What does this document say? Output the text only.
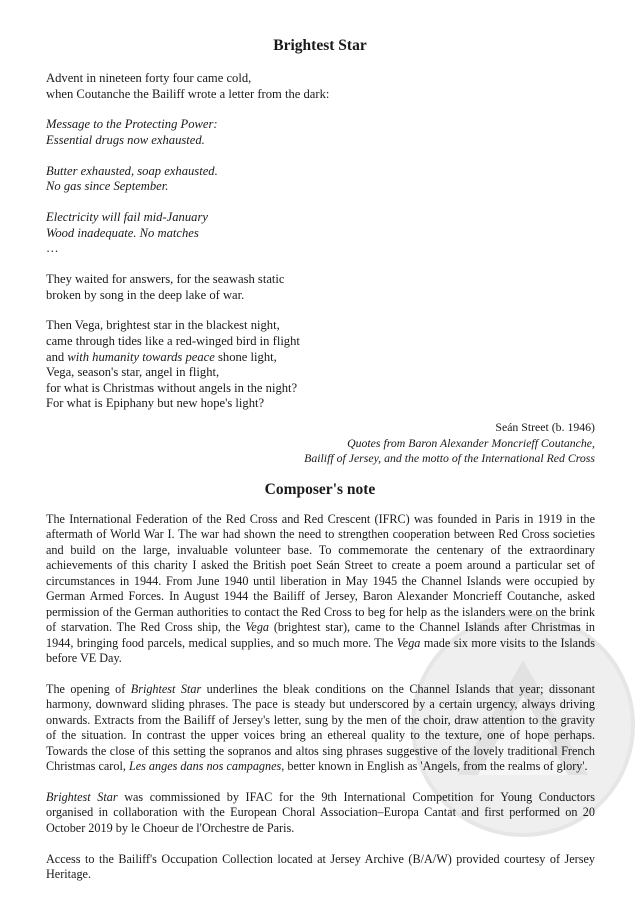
Brightest Star
Advent in nineteen forty four came cold,
when Coutanche the Bailiff wrote a letter from the dark:
Message to the Protecting Power:
Essential drugs now exhausted.
Butter exhausted, soap exhausted.
No gas since September.
Electricity will fail mid-January
Wood inadequate. No matches
…
They waited for answers, for the seawash static
broken by song in the deep lake of war.
Then Vega, brightest star in the blackest night,
came through tides like a red-winged bird in flight
and with humanity towards peace shone light,
Vega, season's star, angel in flight,
for what is Christmas without angels in the night?
For what is Epiphany but new hope's light?
Seán Street (b. 1946)
Quotes from Baron Alexander Moncrieff Coutanche,
Bailiff of Jersey, and the motto of the International Red Cross
Composer's note

The International Federation of the Red Cross and Red Crescent (IFRC) was founded in Paris in 1919 in the aftermath of World War I. The war had shown the need to strengthen cooperation between Red Cross societies and build on the large, invaluable volunteer base. To commemorate the centenary of the extraordinary achievements of this charity I asked the British poet Seán Street to create a poem around a particular set of circumstances in 1944. From June 1940 until liberation in May 1945 the Channel Islands were occupied by German Armed Forces. In August 1944 the Bailiff of Jersey, Baron Alexander Moncrieff Coutanche, asked permission of the German authorities to contact the Red Cross to beg for help as the islanders were on the brink of starvation. The Red Cross ship, the Vega (brightest star), came to the Channel Islands after Christmas in 1944, bringing food parcels, medical supplies, and so much more. The Vega made six more visits to the Islands before VE Day.

The opening of Brightest Star underlines the bleak conditions on the Channel Islands that year; dissonant harmony, downward sliding phrases. The pace is steady but underscored by a certain urgency, always driving onwards. Extracts from the Bailiff of Jersey's letter, sung by the men of the choir, draw attention to the gravity of the situation. In contrast the upper voices bring an ethereal quality to the texture, one of hope perhaps. Towards the close of this setting the sopranos and altos sing phrases suggestive of the lovely traditional French Christmas carol, Les anges dans nos campagnes, better known in English as 'Angels, from the realms of glory'.

Brightest Star was commissioned by IFAC for the 9th International Competition for Young Conductors organised in collaboration with the European Choral Association–Europa Cantat and first performed on 20 October 2019 by le Choeur de l'Orchestre de Paris.

Access to the Bailiff's Occupation Collection located at Jersey Archive (B/A/W) provided courtesy of Jersey Heritage.
